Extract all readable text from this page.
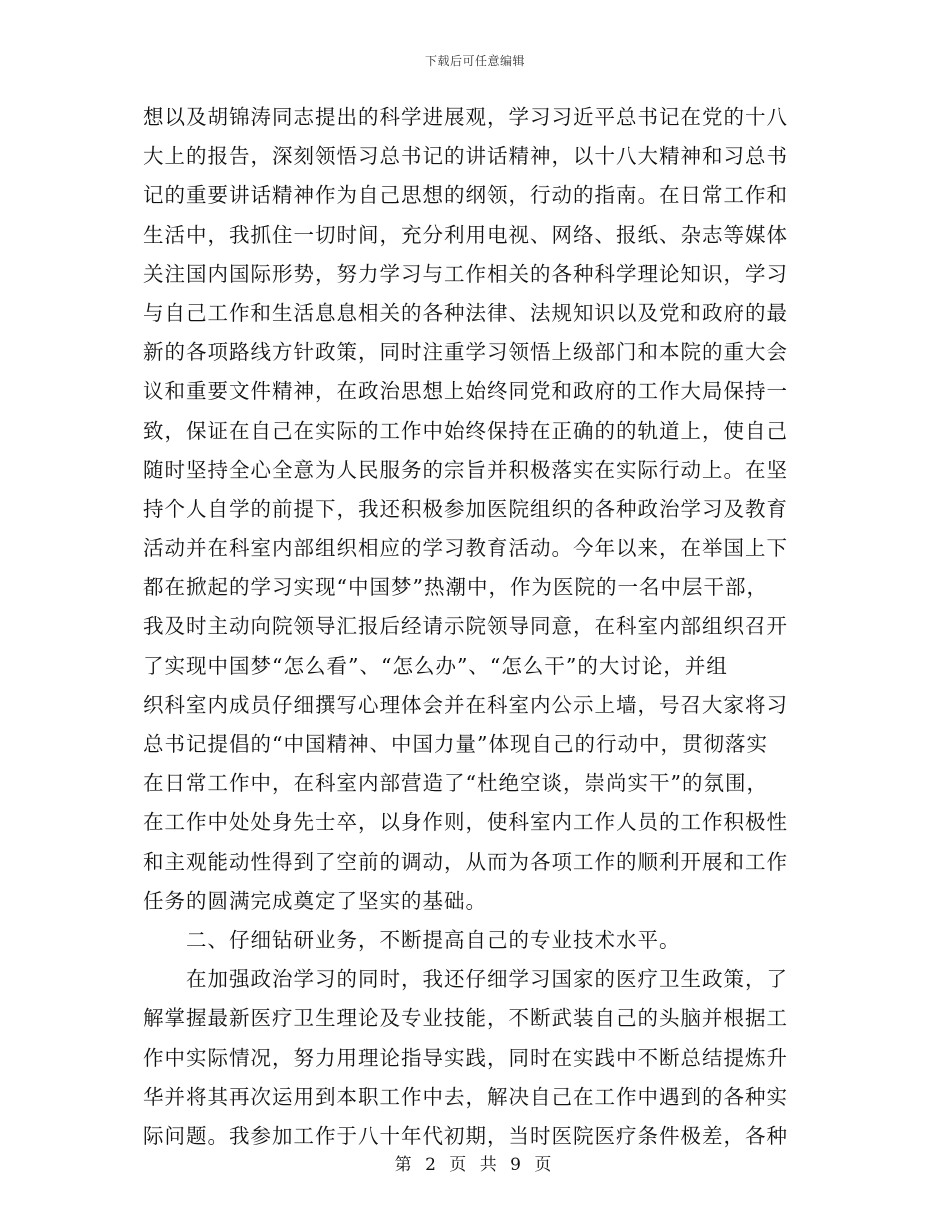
下载后可任意编辑
想以及胡锦涛同志提出的科学进展观，学习习近平总书记在党的十八
大上的报告，深刻领悟习总书记的讲话精神，以十八大精神和习总书
记的重要讲话精神作为自己思想的纲领，行动的指南。在日常工作和
生活中，我抓住一切时间，充分利用电视、网络、报纸、杂志等媒体
关注国内国际形势，努力学习与工作相关的各种科学理论知识，学习
与自己工作和生活息息相关的各种法律、法规知识以及党和政府的最
新的各项路线方针政策，同时注重学习领悟上级部门和本院的重大会
议和重要文件精神，在政治思想上始终同党和政府的工作大局保持一
致，保证在自己在实际的工作中始终保持在正确的的轨道上，使自己
随时坚持全心全意为人民服务的宗旨并积极落实在实际行动上。在坚
持个人自学的前提下，我还积极参加医院组织的各种政治学习及教育
活动并在科室内部组织相应的学习教育活动。今年以来，在举国上下
都在掀起的学习实现“中国梦”热潮中，作为医院的一名中层干部，
我及时主动向院领导汇报后经请示院领导同意，在科室内部组织召开
了实现中国梦“怎么看”、“怎么办”、“怎么干”的大讨论，并组
织科室内成员仔细撰写心理体会并在科室内公示上墙，号召大家将习
总书记提倡的“中国精神、中国力量”体现自己的行动中，贯彻落实
在日常工作中，在科室内部营造了“杜绝空谈，崇尚实干”的氛围，
在工作中处处身先士卒，以身作则，使科室内工作人员的工作积极性
和主观能动性得到了空前的调动，从而为各项工作的顺利开展和工作
任务的圆满完成奠定了坚实的基础。
二、仔细钻研业务，不断提高自己的专业技术水平。
在加强政治学习的同时，我还仔细学习国家的医疗卫生政策，了
解掌握最新医疗卫生理论及专业技能，不断武装自己的头脑并根据工
作中实际情况，努力用理论指导实践，同时在实践中不断总结提炼升
华并将其再次运用到本职工作中去，解决自己在工作中遇到的各种实
际问题。我参加工作于八十年代初期，当时医院医疗条件极差，各种
第 2 页 共 9 页
